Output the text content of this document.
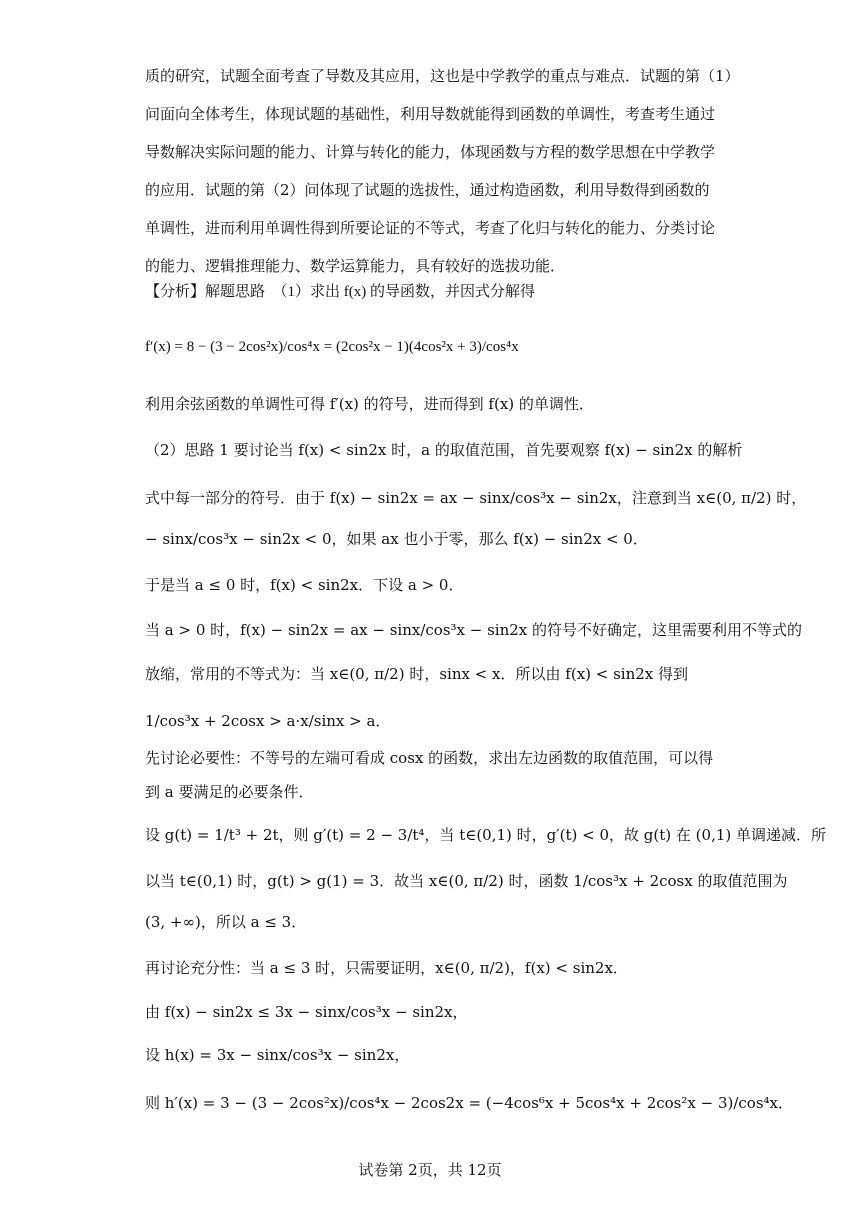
质的研究，试题全面考查了导数及其应用，这也是中学教学的重点与难点．试题的第（1）
问面向全体考生，体现试题的基础性，利用导数就能得到函数的单调性，考查考生通过
导数解决实际问题的能力、计算与转化的能力，体现函数与方程的数学思想在中学教学
的应用．试题的第（2）问体现了试题的选拔性，通过构造函数，利用导数得到函数的
单调性，进而利用单调性得到所要论证的不等式，考查了化归与转化的能力、分类讨论
的能力、逻辑推理能力、数学运算能力，具有较好的选拔功能．
【分析】解题思路　（1）求出 f(x) 的导函数，并因式分解得
f′(x) = 8 − (3 − 2cos²x)/cos⁴x = (2cos²x − 1)(4cos²x + 3)/cos⁴x
利用余弦函数的单调性可得 f′(x) 的符号，进而得到 f(x) 的单调性．
（2）思路 1 要讨论当 f(x) < sin2x 时，a 的取值范围，首先要观察 f(x) − sin2x 的解析
式中每一部分的符号．由于 f(x) − sin2x = ax − sinx/cos³x − sin2x，注意到当 x∈(0, π/2) 时，
− sinx/cos³x − sin2x < 0，如果 ax 也小于零，那么 f(x) − sin2x < 0．
于是当 a ≤ 0 时，f(x) < sin2x．下设 a > 0．
当 a > 0 时，f(x) − sin2x = ax − sinx/cos³x − sin2x 的符号不好确定，这里需要利用不等式的
放缩，常用的不等式为：当 x∈(0, π/2) 时，sinx < x．所以由 f(x) < sin2x 得到
1/cos³x + 2cosx > a·x/sinx > a．
先讨论必要性：不等号的左端可看成 cosx 的函数，求出左边函数的取值范围，可以得
到 a 要满足的必要条件．
设 g(t) = 1/t³ + 2t，则 g′(t) = 2 − 3/t⁴，当 t∈(0,1) 时，g′(t) < 0，故 g(t) 在 (0,1) 单调递减．所
以当 t∈(0,1) 时，g(t) > g(1) = 3．故当 x∈(0, π/2) 时，函数 1/cos³x + 2cosx 的取值范围为
(3, +∞)，所以 a ≤ 3．
再讨论充分性：当 a ≤ 3 时，只需要证明，x∈(0, π/2)，f(x) < sin2x．
由 f(x) − sin2x ≤ 3x − sinx/cos³x − sin2x，
设 h(x) = 3x − sinx/cos³x − sin2x，
则 h′(x) = 3 − (3 − 2cos²x)/cos⁴x − 2cos2x = (−4cos⁶x + 5cos⁴x + 2cos²x − 3)/cos⁴x．
试卷第 2页，共 12页
